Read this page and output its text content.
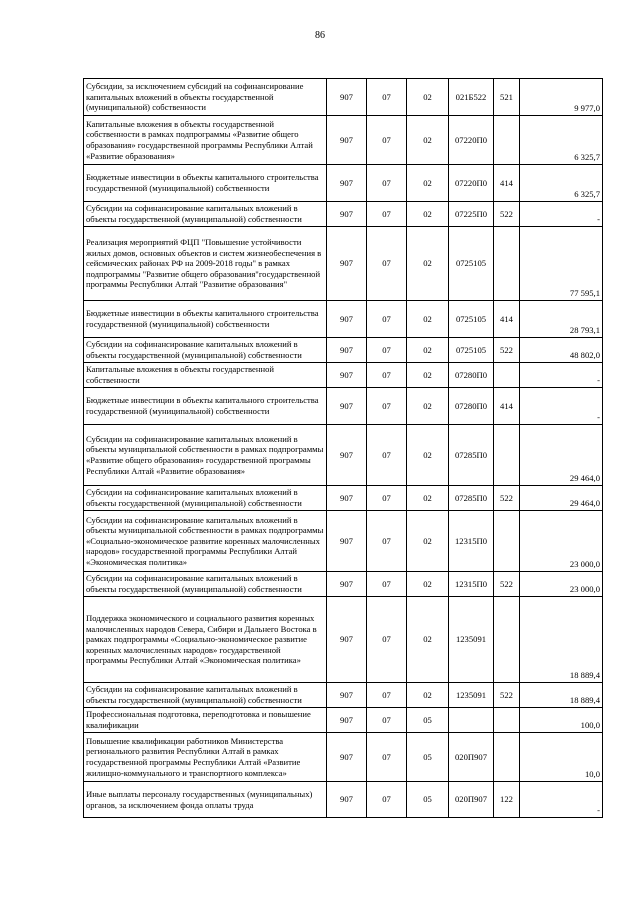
86
Субсидии, за исключением субсидий на софинансирование капитальных вложений в объекты государственной (муниципальной) собственности	907	07	02	021Б522	521	9 977,0
Капитальные вложения в объекты государственной собственности в рамках подпрограммы «Развитие общего образования» государственной программы Республики Алтай «Развитие образования»	907	07	02	07220П0		6 325,7
Бюджетные инвестиции в объекты капитального строительства государственной (муниципальной) собственности	907	07	02	07220П0	414	6 325,7
Субсидии на софинансирование капитальных вложений в объекты государственной (муниципальной) собственности	907	07	02	07225П0	522	-
Реализация мероприятий ФЦП "Повышение устойчивости жилых домов, основных объектов и систем жизнеобеспечения в сейсмических районах РФ на 2009-2018 годы" в рамках подпрограммы "Развитие общего образования"государственной программы Республики Алтай "Развитие образования"	907	07	02	0725105		77 595,1
Бюджетные инвестиции в объекты капитального строительства государственной (муниципальной) собственности	907	07	02	0725105	414	28 793,1
Субсидии на софинансирование капитальных вложений в объекты государственной (муниципальной) собственности	907	07	02	0725105	522	48 802,0
Капитальные вложения в объекты государственной собственности	907	07	02	07280П0		-
Бюджетные инвестиции в объекты капитального строительства государственной (муниципальной) собственности	907	07	02	07280П0	414	-
Субсидии на софинансирование капитальных вложений в объекты муниципальной собственности в рамках подпрограммы «Развитие общего образования» государственной программы Республики Алтай «Развитие образования»	907	07	02	07285П0		29 464,0
Субсидии на софинансирование капитальных вложений в объекты государственной (муниципальной) собственности	907	07	02	07285П0	522	29 464,0
Субсидии на софинансирование капитальных вложений в объекты муниципальной собственности в рамках подпрограммы «Социально-экономическое развитие коренных малочисленных народов» государственной программы Республики Алтай «Экономическая политика»	907	07	02	12315П0		23 000,0
Субсидии на софинансирование капитальных вложений в объекты государственной (муниципальной) собственности	907	07	02	12315П0	522	23 000,0
Поддержка экономического и социального развития коренных малочисленных народов Севера, Сибири и Дальнего Востока в рамках подпрограммы «Социально-экономическое развитие коренных малочисленных народов» государственной программы Республики Алтай «Экономическая политика»	907	07	02	1235091		18 889,4
Субсидии на софинансирование капитальных вложений в объекты государственной (муниципальной) собственности	907	07	02	1235091	522	18 889,4
Профессиональная подготовка, переподготовка и повышение квалификации	907	07	05			100,0
Повышение квалификации работников Министерства регионального развития Республики Алтай в рамках государственной программы Республики Алтай «Развитие жилищно-коммунального и транспортного комплекса»	907	07	05	020П907		10,0
Иные выплаты персоналу государственных (муниципальных) органов, за исключением фонда оплаты труда	907	07	05	020П907	122	-
